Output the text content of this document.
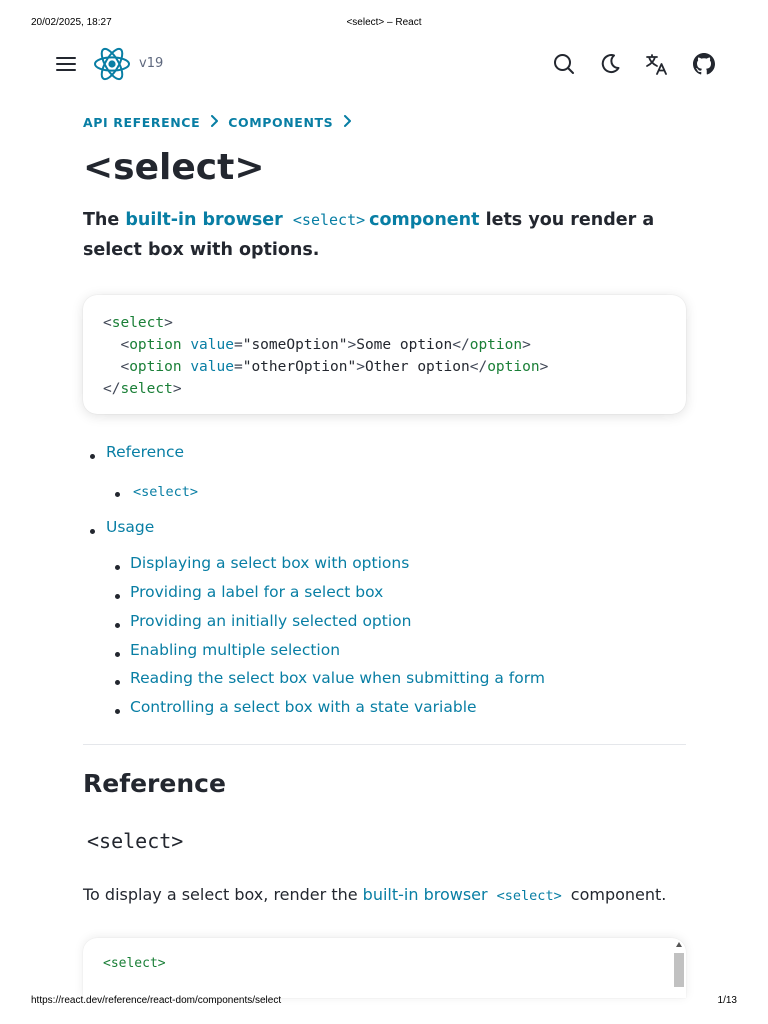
20/02/2025, 18:27	<select> – React
v19
API REFERENCE COMPONENTS
<select>

The built-in browser <select> component lets you render a select box with options.

<select>
<option value="someOption">Some option</option>
<option value="otherOption">Other option</option>
</select>
Reference
<select>
Usage
Displaying a select box with options
Providing a label for a select box
Providing an initially selected option
Enabling multiple selection
Reading the select box value when submitting a form
Controlling a select box with a state variable
Reference
<select>

To display a select box, render the built-in browser <select> component.

<select>
https://react.dev/reference/react-dom/components/select	1/13
